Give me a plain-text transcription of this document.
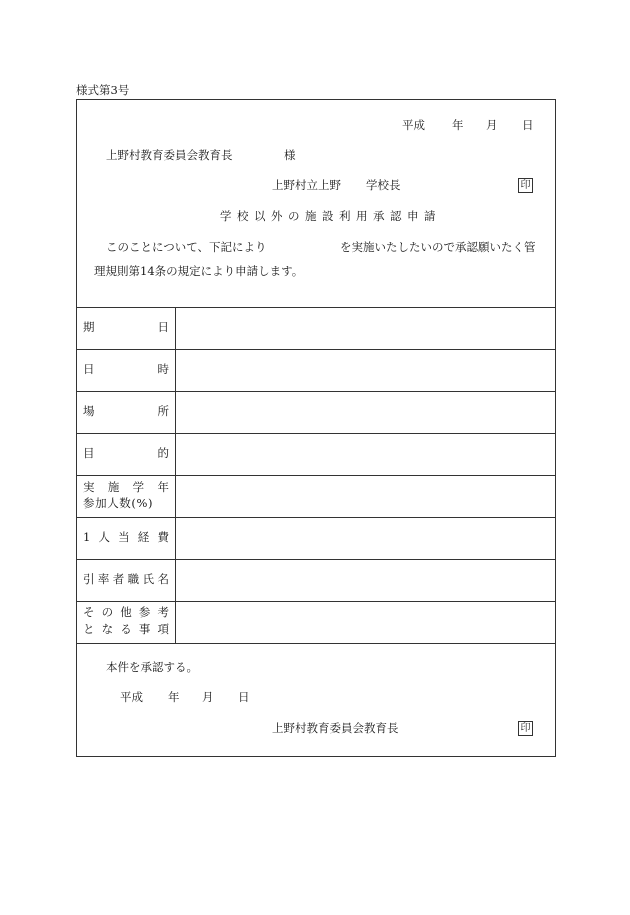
様式第3号
平成 年 月 日
上野村教育委員会教育長	様
上野村立上野 学校長	印
学校以外の施設利用承認申請
このことについて、下記により	を実施いたしたいので承認願いたく管
理規則第14条の規定により申請します。
期	日
日	時
場	所
目	的
実 施 学 年
参加人数(%)
1 人 当 経 費
引 率 者 職 氏 名
そ の 他 参 考
と な る 事 項
本件を承認する。
平成 年 月 日
上野村教育委員会教育長	印
